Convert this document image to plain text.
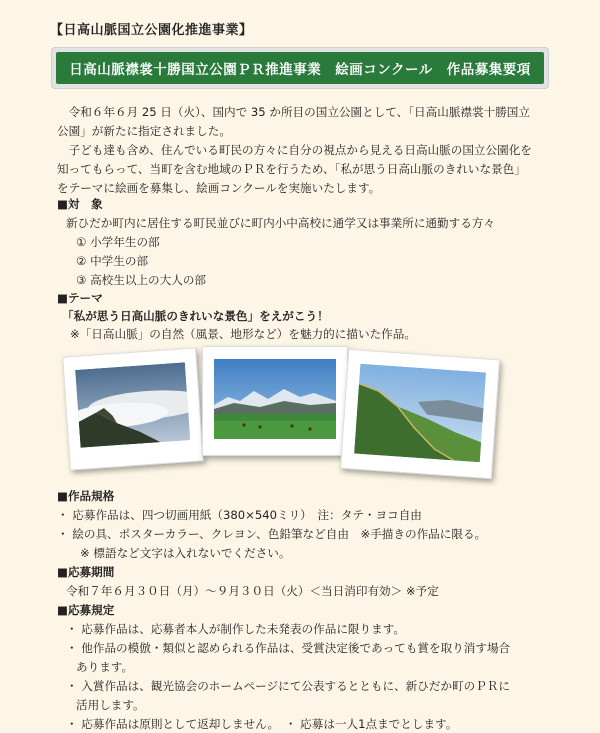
【日高山脈国立公園化推進事業】
日高山脈襟裳十勝国立公園ＰＲ推進事業　絵画コンクール　作品募集要項
　令和６年６月 25 日（火）、国内で 35 か所目の国立公園として、「日高山脈襟裳十勝国立
公園」が新たに指定されました。
　子ども達も含め、住んでいる町民の方々に自分の視点から見える日高山脈の国立公園化を
知ってもらって、当町を含む地域のＰＲを行うため、「私が思う日高山脈のきれいな景色」
をテーマに絵画を募集し、絵画コンクールを実施いたします。
■対　象
新ひだか町内に居住する町民並びに町内小中高校に通学又は事業所に通勤する方々
① 小学年生の部
② 中学生の部
③ 高校生以上の大人の部
■テーマ
「私が思う日高山脈のきれいな景色」をえがこう！
※「日高山脈」の自然（風景、地形など）を魅力的に描いた作品。
■作品規格
・ 応募作品は、四つ切画用紙（380×540ミリ）　注：タテ・ヨコ自由
・ 絵の具、ポスターカラー、クレヨン、色鉛筆など自由　※手描きの作品に限る。
※ 標語など文字は入れないでください。
■応募期間
令和７年６月３０日（月）～９月３０日（火）＜当日消印有効＞ ※予定
■応募規定
・ 応募作品は、応募者本人が制作した未発表の作品に限ります。
・ 他作品の模倣・類似と認められる作品は、受賞決定後であっても賞を取り消す場合
あります。
・ 入賞作品は、観光協会のホームページにて公表するとともに、新ひだか町のＰＲに
活用します。
・ 応募作品は原則として返却しません。　・ 応募は一人1点までとします。
